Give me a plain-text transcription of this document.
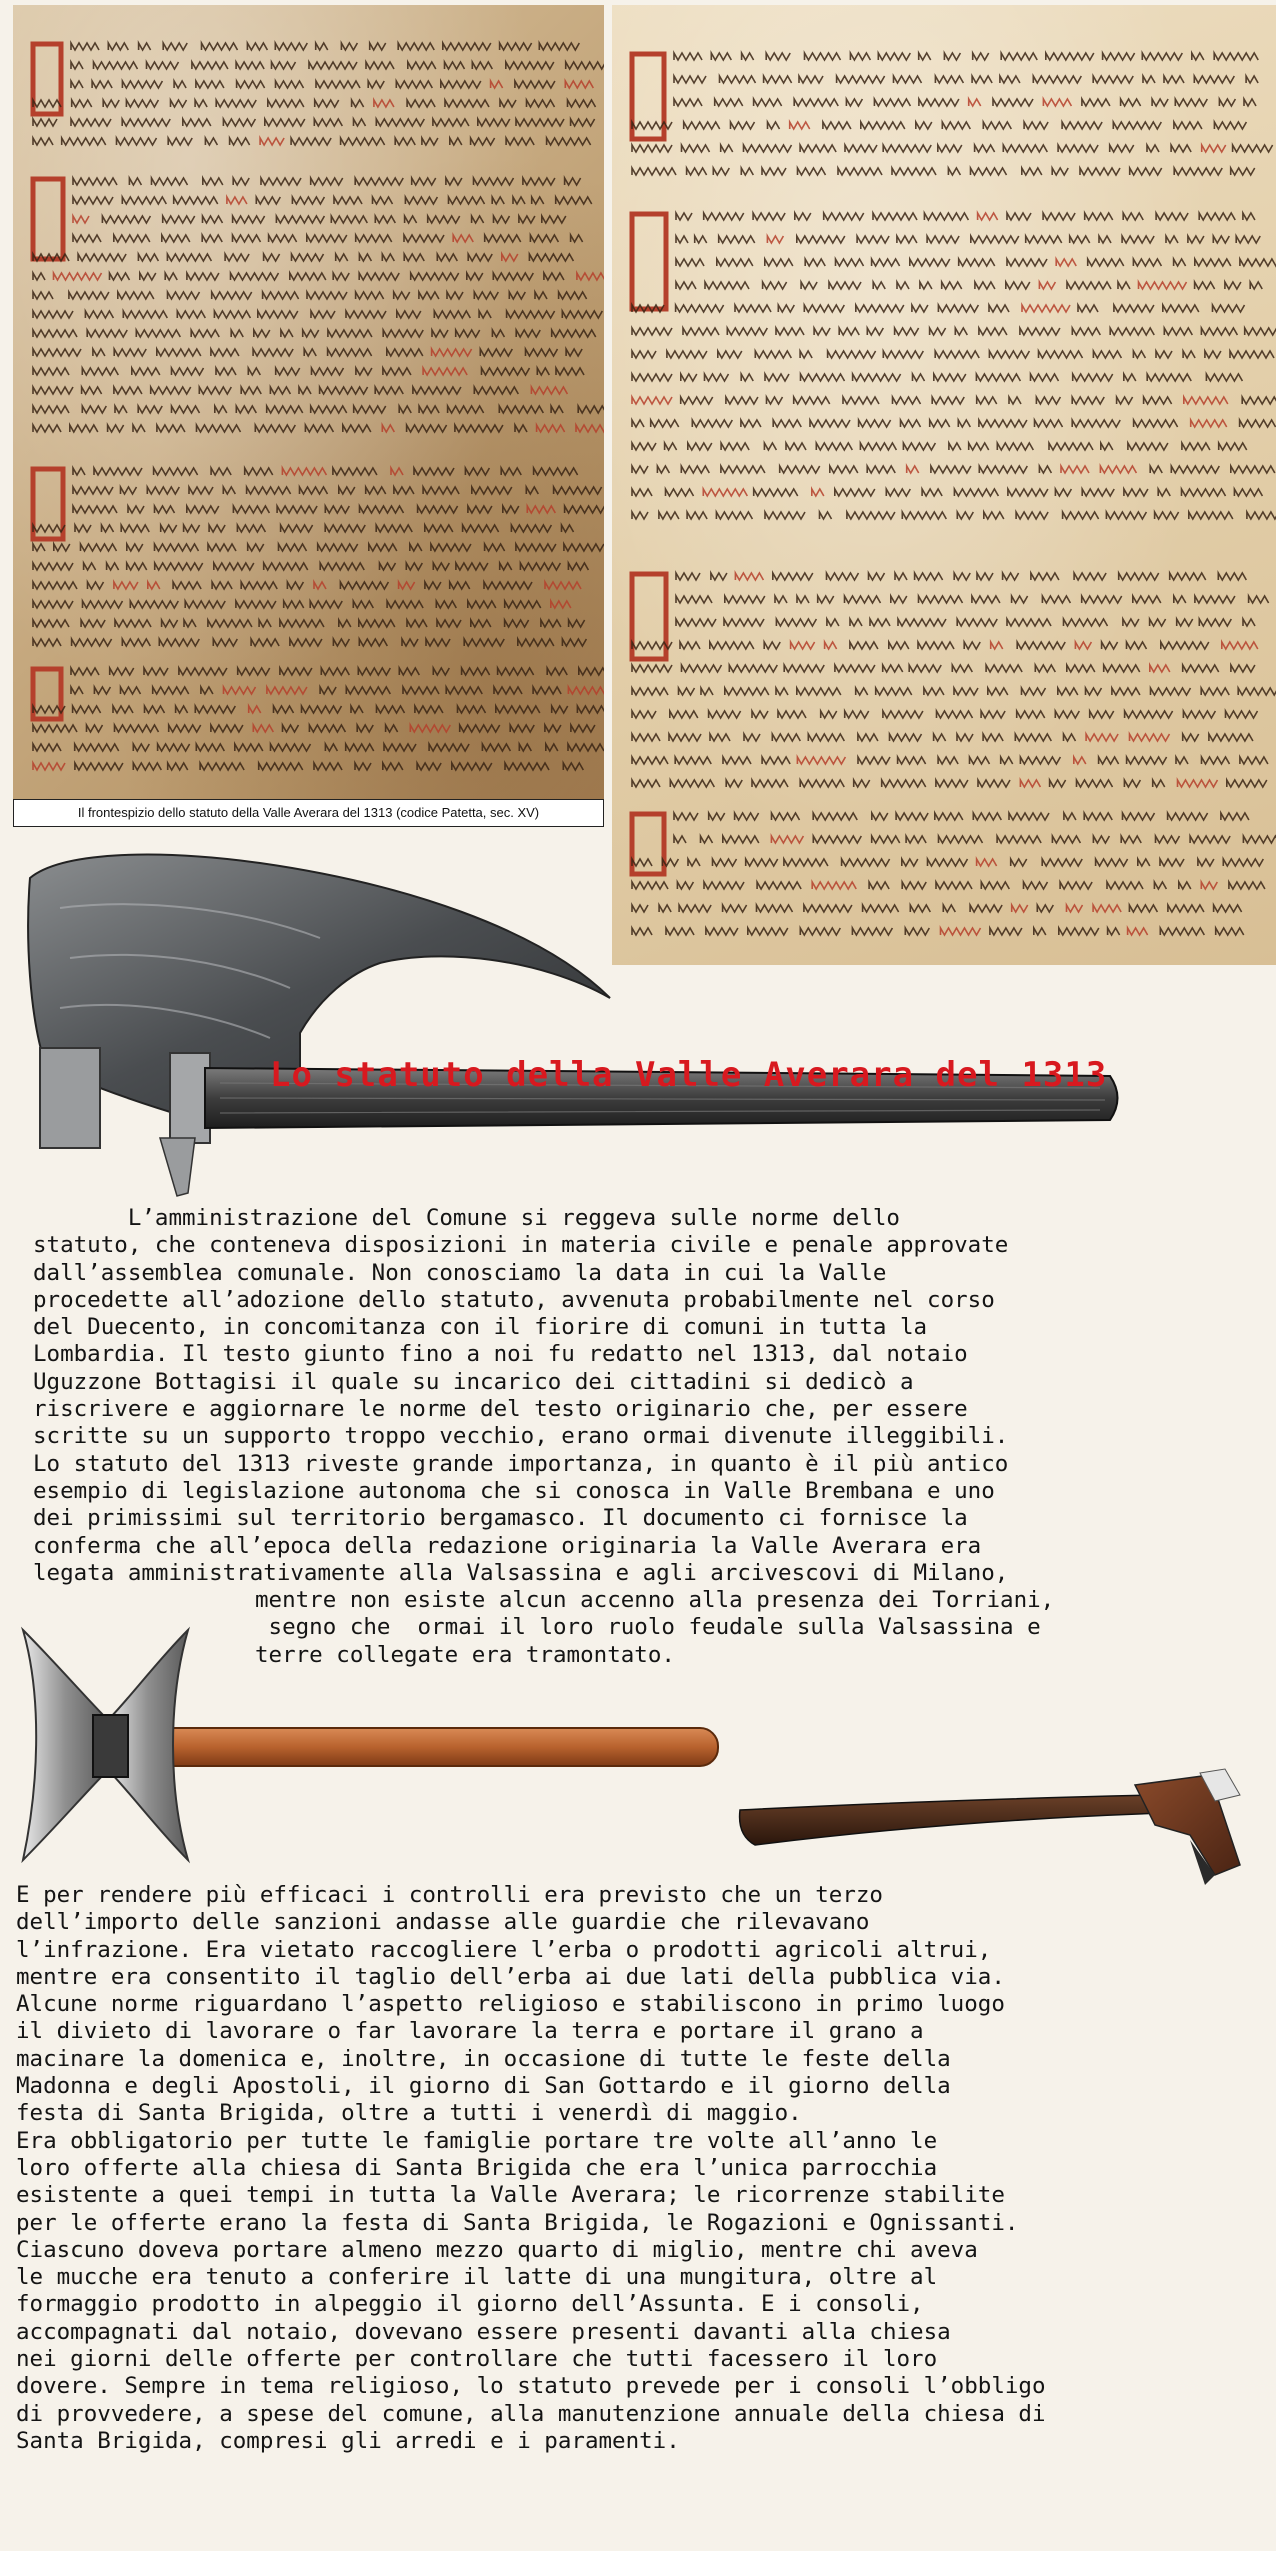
Il frontespizio dello statuto della Valle Averara del 1313 (codice Patetta, sec. XV)
Lo statuto della Valle Averara del 1313
L’amministrazione del Comune si reggeva sulle norme dello
statuto, che conteneva disposizioni in materia civile e penale approvate
dall’assemblea comunale. Non conosciamo la data in cui la Valle
procedette all’adozione dello statuto, avvenuta probabilmente nel corso
del Duecento, in concomitanza con il fiorire di comuni in tutta la
Lombardia. Il testo giunto fino a noi fu redatto nel 1313, dal notaio
Uguzzone Bottagisi il quale su incarico dei cittadini si dedicò a
riscrivere e aggiornare le norme del testo originario che, per essere
scritte su un supporto troppo vecchio, erano ormai divenute illeggibili.
Lo statuto del 1313 riveste grande importanza, in quanto è il più antico
esempio di legislazione autonoma che si conosca in Valle Brembana e uno
dei primissimi sul territorio bergamasco. Il documento ci fornisce la
conferma che all’epoca della redazione originaria la Valle Averara era
legata amministrativamente alla Valsassina e agli arcivescovi di Milano,
mentre non esiste alcun accenno alla presenza dei Torriani,
segno che  ormai il loro ruolo feudale sulla Valsassina e
terre collegate era tramontato.
E per rendere più efficaci i controlli era previsto che un terzo
dell’importo delle sanzioni andasse alle guardie che rilevavano
l’infrazione. Era vietato raccogliere l’erba o prodotti agricoli altrui,
mentre era consentito il taglio dell’erba ai due lati della pubblica via.
Alcune norme riguardano l’aspetto religioso e stabiliscono in primo luogo
il divieto di lavorare o far lavorare la terra e portare il grano a
macinare la domenica e, inoltre, in occasione di tutte le feste della
Madonna e degli Apostoli, il giorno di San Gottardo e il giorno della
festa di Santa Brigida, oltre a tutti i venerdì di maggio.
Era obbligatorio per tutte le famiglie portare tre volte all’anno le
loro offerte alla chiesa di Santa Brigida che era l’unica parrocchia
esistente a quei tempi in tutta la Valle Averara; le ricorrenze stabilite
per le offerte erano la festa di Santa Brigida, le Rogazioni e Ognissanti.
Ciascuno doveva portare almeno mezzo quarto di miglio, mentre chi aveva
le mucche era tenuto a conferire il latte di una mungitura, oltre al
formaggio prodotto in alpeggio il giorno dell’Assunta. E i consoli,
accompagnati dal notaio, dovevano essere presenti davanti alla chiesa
nei giorni delle offerte per controllare che tutti facessero il loro
dovere. Sempre in tema religioso, lo statuto prevede per i consoli l’obbligo
di provvedere, a spese del comune, alla manutenzione annuale della chiesa di
Santa Brigida, compresi gli arredi e i paramenti.
